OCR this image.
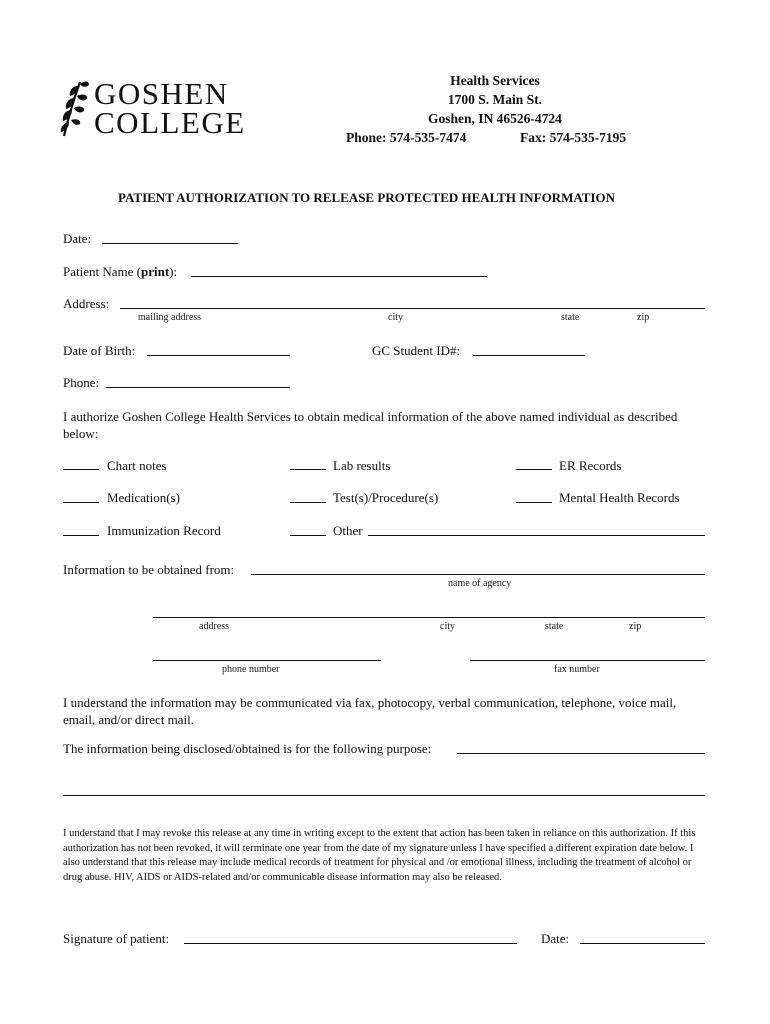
GOSHEN
COLLEGE
Health Services
1700 S. Main St.
Goshen, IN 46526-4724
Phone: 574-535-7474	Fax: 574-535-7195
PATIENT AUTHORIZATION TO RELEASE PROTECTED HEALTH INFORMATION
Date:
Patient Name (print):
Address:
mailing address	city	state	zip
Date of Birth:	GC Student ID#:
Phone:
I authorize Goshen College Health Services to obtain medical information of the above named individual as described below:
Chart notes	Lab results	ER Records
Medication(s)	Test(s)/Procedure(s)	Mental Health Records
Immunization Record	Other
Information to be obtained from:
name of agency
address	city	state	zip
phone number	fax number
I understand the information may be communicated via fax, photocopy, verbal communication, telephone, voice mail, email, and/or direct mail.
The information being disclosed/obtained is for the following purpose:
I understand that I may revoke this release at any time in writing except to the extent that action has been taken in reliance on this authorization. If this authorization has not been revoked, it will terminate one year from the date of my signature unless I have specified a different expiration date below. I also understand that this release may include medical records of treatment for physical and /or emotional illness, including the treatment of alcohol or drug abuse. HIV, AIDS or AIDS-related and/or communicable disease information may also be released.
Signature of patient:	Date:
